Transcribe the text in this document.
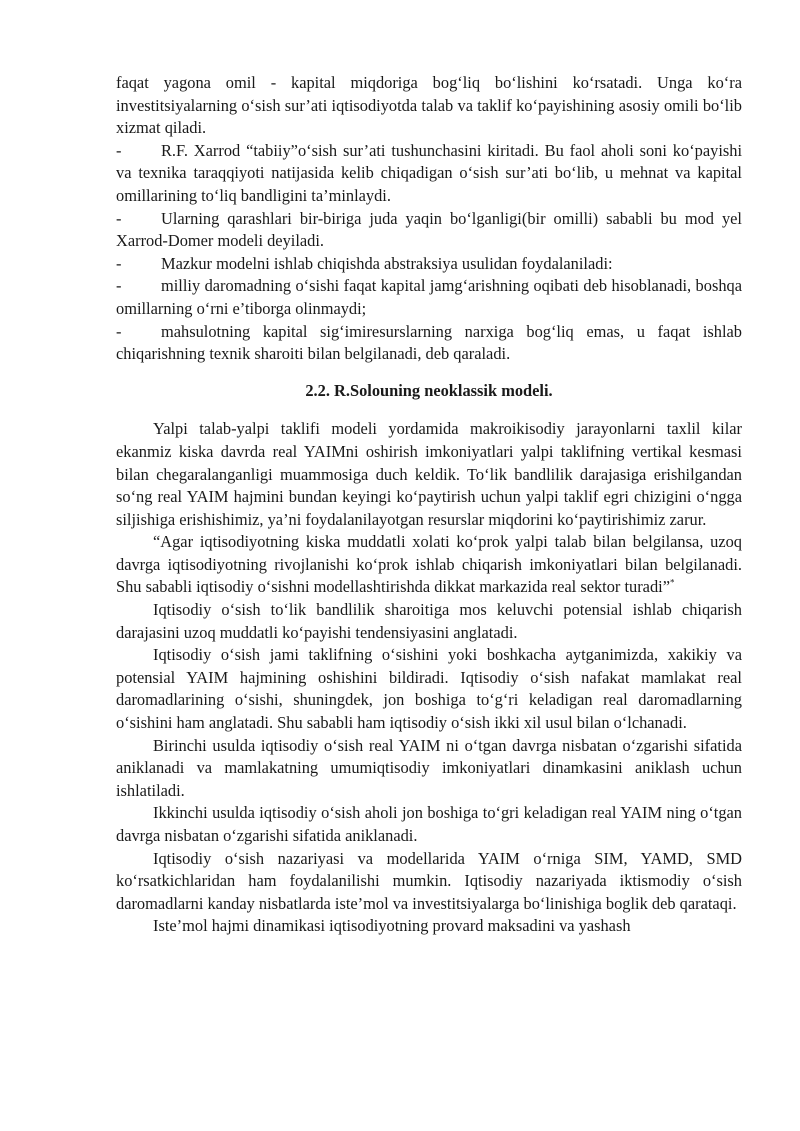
faqat yagona omil - kapital miqdoriga bog‘liq bo‘lishini ko‘rsatadi. Unga ko‘ra investitsiyalarning o‘sish sur’ati iqtisodiyotda talab va taklif ko‘payishining asosiy omili bo‘lib xizmat qiladi.

- R.F. Xarrod “tabiiy”o‘sish sur’ati tushunchasini kiritadi. Bu faol aholi soni ko‘payishi va texnika taraqqiyoti natijasida kelib chiqadigan o‘sish sur’ati bo‘lib, u mehnat va kapital omillarining to‘liq bandligini ta’minlaydi.

- Ularning qarashlari bir-biriga juda yaqin bo‘lganligi(bir omilli) sababli bu mod yel Xarrod-Domer modeli deyiladi.

- Mazkur modelni ishlab chiqishda abstraksiya usulidan foydalaniladi:

- milliy daromadning o‘sishi faqat kapital jamg‘arishning oqibati deb hisoblanadi, boshqa omillarning o‘rni e’tiborga olinmaydi;

- mahsulotning kapital sig‘imiresurslarning narxiga bog‘liq emas, u faqat ishlab chiqarishning texnik sharoiti bilan belgilanadi, deb qaraladi.

2.2. R.Solouning neoklassik modeli.

Yalpi talab-yalpi taklifi modeli yordamida makroikisodiy jarayonlarni taxlil kilar ekanmiz kiska davrda real YAIMni oshirish imkoniyatlari yalpi taklifning vertikal kesmasi bilan chegaralanganligi muammosiga duch keldik. To‘lik bandlilik darajasiga erishilgandan so‘ng real YAIM hajmini bundan keyingi ko‘paytirish uchun yalpi taklif egri chizigini o‘ngga siljishiga erishishimiz, ya’ni foydalanilayotgan resurslar miqdorini ko‘paytirishimiz zarur.

“Agar iqtisodiyotning kiska muddatli xolati ko‘prok yalpi talab bilan belgilansa, uzoq davrga iqtisodiyotning rivojlanishi ko‘prok ishlab chiqarish imkoniyatlari bilan belgilanadi. Shu sababli iqtisodiy o‘sishni modellashtirishda dikkat markazida real sektor turadi”*

Iqtisodiy o‘sish to‘lik bandlilik sharoitiga mos keluvchi potensial ishlab chiqarish darajasini uzoq muddatli ko‘payishi tendensiyasini anglatadi.

Iqtisodiy o‘sish jami taklifning o‘sishini yoki boshkacha aytganimizda, xakikiy va potensial YAIM hajmining oshishini bildiradi. Iqtisodiy o‘sish nafakat mamlakat real daromadlarining o‘sishi, shuningdek, jon boshiga to‘g‘ri keladigan real daromadlarning o‘sishini ham anglatadi. Shu sababli ham iqtisodiy o‘sish ikki xil usul bilan o‘lchanadi.

Birinchi usulda iqtisodiy o‘sish real YAIM ni o‘tgan davrga nisbatan o‘zgarishi sifatida aniklanadi va mamlakatning umumiqtisodiy imkoniyatlari dinamkasini aniklash uchun ishlatiladi.

Ikkinchi usulda iqtisodiy o‘sish aholi jon boshiga to‘gri keladigan real YAIM ning o‘tgan davrga nisbatan o‘zgarishi sifatida aniklanadi.

Iqtisodiy o‘sish nazariyasi va modellarida YAIM o‘rniga SIM, YAMD, SMD ko‘rsatkichlaridan ham foydalanilishi mumkin. Iqtisodiy nazariyada iktismodiy o‘sish daromadlarni kanday nisbatlarda iste’mol va investitsiyalarga bo‘linishiga boglik deb qarataqi.

Iste’mol hajmi dinamikasi iqtisodiyotning provard maksadini va yashash
